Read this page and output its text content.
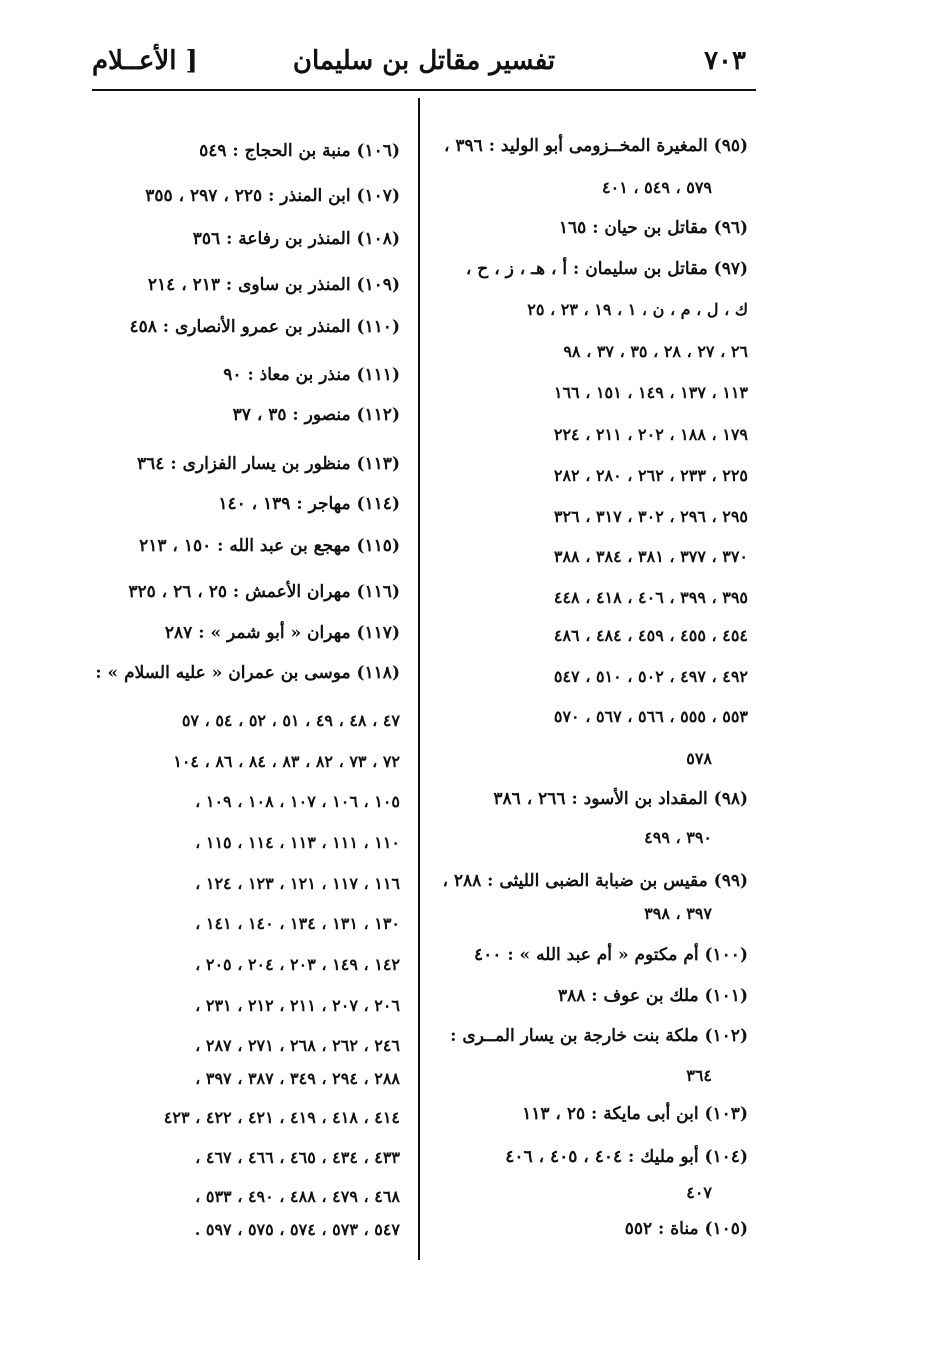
٧٠٣
تفسير مقاتل بن سليمان
[ الأعــلام
(٩٥) المغيرة المخــزومى أبو الوليد : ٣٩٦ ،
٥٧٩ ، ٥٤٩ ، ٤٠١
(٩٦) مقاتل بن حيان : ١٦٥
(٩٧) مقاتل بن سليمان : أ ، هـ ، ز ، ح ،
ك ، ل ، م ، ن ، ١ ، ١٩ ، ٢٣ ، ٢٥
٢٦ ، ٢٧ ، ٢٨ ، ٣٥ ، ٣٧ ، ٩٨
١١٣ ، ١٣٧ ، ١٤٩ ، ١٥١ ، ١٦٦
١٧٩ ، ١٨٨ ، ٢٠٢ ، ٢١١ ، ٢٢٤
٢٢٥ ، ٢٣٣ ، ٢٦٢ ، ٢٨٠ ، ٢٨٢
٢٩٥ ، ٢٩٦ ، ٣٠٢ ، ٣١٧ ، ٣٢٦
٣٧٠ ، ٣٧٧ ، ٣٨١ ، ٣٨٤ ، ٣٨٨
٣٩٥ ، ٣٩٩ ، ٤٠٦ ، ٤١٨ ، ٤٤٨
٤٥٤ ، ٤٥٥ ، ٤٥٩ ، ٤٨٤ ، ٤٨٦
٤٩٢ ، ٤٩٧ ، ٥٠٢ ، ٥١٠ ، ٥٤٧
٥٥٣ ، ٥٥٥ ، ٥٦٦ ، ٥٦٧ ، ٥٧٠
٥٧٨
(٩٨) المقداد بن الأسود : ٢٦٦ ، ٣٨٦
٣٩٠ ، ٤٩٩
(٩٩) مقيس بن ضبابة الضبى الليثى : ٢٨٨ ،
٣٩٧ ، ٣٩٨
(١٠٠) أم مكتوم « أم عبد الله » : ٤٠٠
(١٠١) ملك بن عوف : ٣٨٨
(١٠٢) ملكة بنت خارجة بن يسار المــرى :
٣٦٤
(١٠٣) ابن أبى مايكة : ٢٥ ، ١١٣
(١٠٤) أبو مليك : ٤٠٤ ، ٤٠٥ ، ٤٠٦
٤٠٧
(١٠٥) مناة : ٥٥٢
(١٠٦) منبة بن الحجاج : ٥٤٩
(١٠٧) ابن المنذر : ٢٢٥ ، ٢٩٧ ، ٣٥٥
(١٠٨) المنذر بن رفاعة : ٣٥٦
(١٠٩) المنذر بن ساوى : ٢١٣ ، ٢١٤
(١١٠) المنذر بن عمرو الأنصارى : ٤٥٨
(١١١) منذر بن معاذ : ٩٠
(١١٢) منصور : ٣٥ ، ٣٧
(١١٣) منظور بن يسار الفزارى : ٣٦٤
(١١٤) مهاجر : ١٣٩ ، ١٤٠
(١١٥) مهجع بن عبد الله : ١٥٠ ، ٢١٣
(١١٦) مهران الأعمش : ٢٥ ، ٢٦ ، ٣٢٥
(١١٧) مهران « أبو شمر » : ٢٨٧
(١١٨) موسى بن عمران « عليه السلام » :
٤٧ ، ٤٨ ، ٤٩ ، ٥١ ، ٥٢ ، ٥٤ ، ٥٧
٧٢ ، ٧٣ ، ٨٢ ، ٨٣ ، ٨٤ ، ٨٦ ، ١٠٤
١٠٥ ، ١٠٦ ، ١٠٧ ، ١٠٨ ، ١٠٩ ،
١١٠ ، ١١١ ، ١١٣ ، ١١٤ ، ١١٥ ،
١١٦ ، ١١٧ ، ١٢١ ، ١٢٣ ، ١٢٤ ،
١٣٠ ، ١٣١ ، ١٣٤ ، ١٤٠ ، ١٤١ ،
١٤٢ ، ١٤٩ ، ٢٠٣ ، ٢٠٤ ، ٢٠٥ ،
٢٠٦ ، ٢٠٧ ، ٢١١ ، ٢١٢ ، ٢٣١ ،
٢٤٦ ، ٢٦٢ ، ٢٦٨ ، ٢٧١ ، ٢٨٧ ،
٢٨٨ ، ٢٩٤ ، ٣٤٩ ، ٣٨٧ ، ٣٩٧ ،
٤١٤ ، ٤١٨ ، ٤١٩ ، ٤٢١ ، ٤٢٢ ، ٤٢٣
٤٣٣ ، ٤٣٤ ، ٤٦٥ ، ٤٦٦ ، ٤٦٧ ،
٤٦٨ ، ٤٧٩ ، ٤٨٨ ، ٤٩٠ ، ٥٣٣ ،
٥٤٧ ، ٥٧٣ ، ٥٧٤ ، ٥٧٥ ، ٥٩٧ .
